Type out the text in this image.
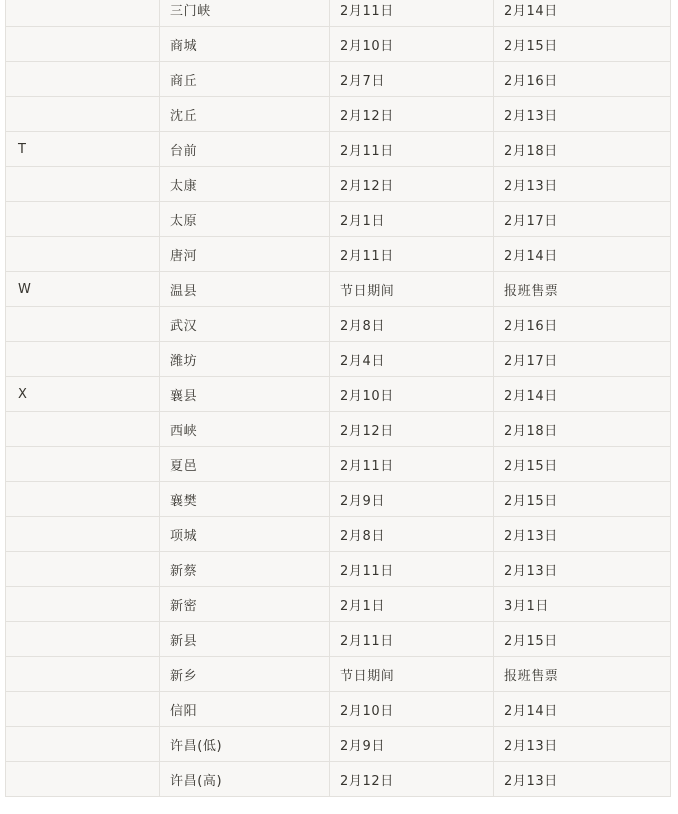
	三门峡	2月11日	2月14日
	商城	2月10日	2月15日
	商丘	2月7日	2月16日
	沈丘	2月12日	2月13日
T	台前	2月11日	2月18日
	太康	2月12日	2月13日
	太原	2月1日	2月17日
	唐河	2月11日	2月14日
W	温县	节日期间	报班售票
	武汉	2月8日	2月16日
	潍坊	2月4日	2月17日
X	襄县	2月10日	2月14日
	西峡	2月12日	2月18日
	夏邑	2月11日	2月15日
	襄樊	2月9日	2月15日
	项城	2月8日	2月13日
	新蔡	2月11日	2月13日
	新密	2月1日	3月1日
	新县	2月11日	2月15日
	新乡	节日期间	报班售票
	信阳	2月10日	2月14日
	许昌(低)	2月9日	2月13日
	许昌(高)	2月12日	2月13日
